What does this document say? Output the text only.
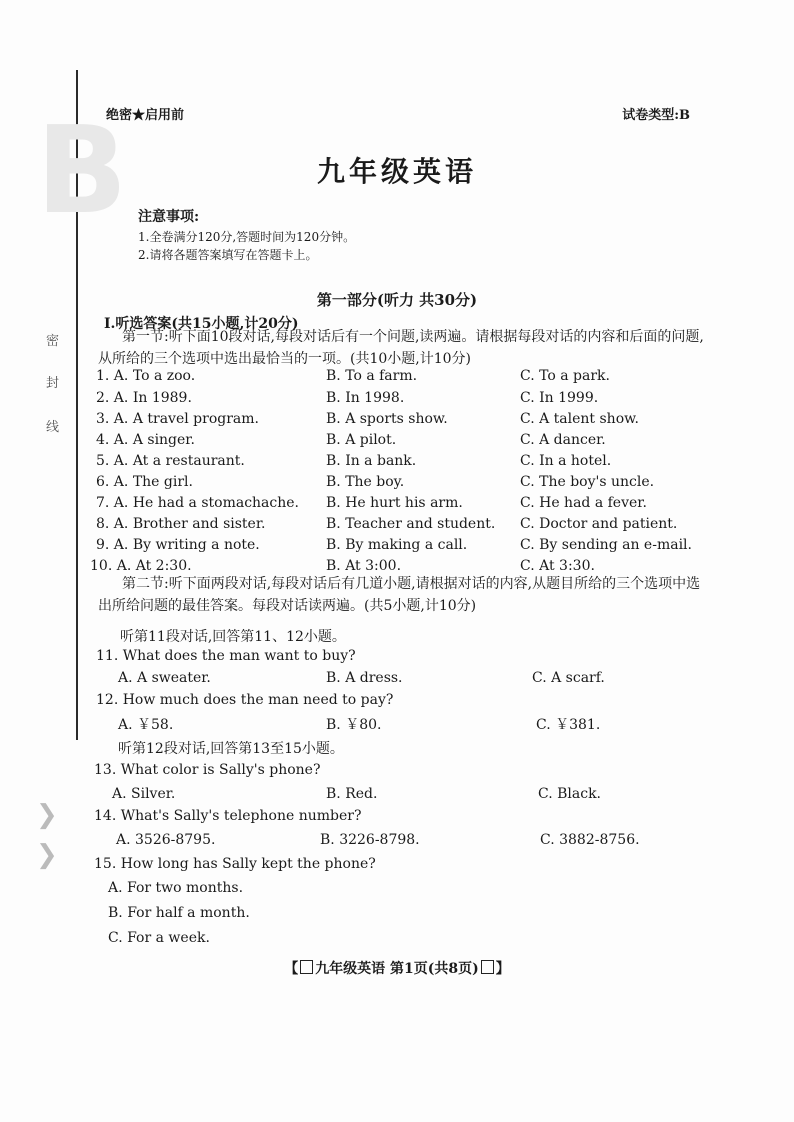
B
密
封
线
❯
❯
绝密★启用前	试卷类型:B
九年级英语
注意事项:
1.全卷满分120分,答题时间为120分钟。
2.请将各题答案填写在答题卡上。
第一部分(听力 共30分)
Ⅰ.听选答案(共15小题,计20分)
第一节:听下面10段对话,每段对话后有一个问题,读两遍。请根据每段对话的内容和后面的问题,从所给的三个选项中选出最恰当的一项。(共10小题,计10分)
1. A. To a zoo.	B. To a farm.	C. To a park.
2. A. In 1989.	B. In 1998.	C. In 1999.
3. A. A travel program.	B. A sports show.	C. A talent show.
4. A. A singer.	B. A pilot.	C. A dancer.
5. A. At a restaurant.	B. In a bank.	C. In a hotel.
6. A. The girl.	B. The boy.	C. The boy's uncle.
7. A. He had a stomachache. B. He hurt his arm.	C. He had a fever.
8. A. Brother and sister.	B. Teacher and student. C. Doctor and patient.
9. A. By writing a note.	B. By making a call.	C. By sending an e-mail.
10. A. At 2:30.	B. At 3:00.	C. At 3:30.
第二节:听下面两段对话,每段对话后有几道小题,请根据对话的内容,从题目所给的三个选项中选出所给问题的最佳答案。每段对话读两遍。(共5小题,计10分)
听第11段对话,回答第11、12小题。
11. What does the man want to buy?
A. A sweater.	B. A dress.	C. A scarf.
12. How much does the man need to pay?
A. ￥58.	B. ￥80.	C. ￥381.
听第12段对话,回答第13至15小题。
13. What color is Sally's phone?
A. Silver.	B. Red.	C. Black.
14. What's Sally's telephone number?
A. 3526-8795.	B. 3226-8798.	C. 3882-8756.
15. How long has Sally kept the phone?
A. For two months.
B. For half a month.
C. For a week.
【 九年级英语 第1页(共8页) 】
